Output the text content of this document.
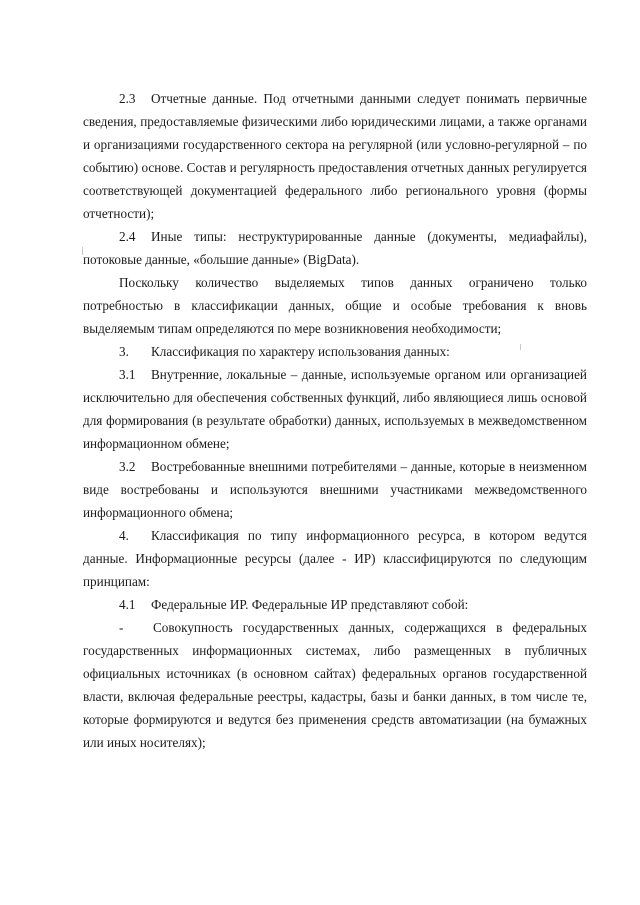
2.3 Отчетные данные. Под отчетными данными следует понимать первичные сведения, предоставляемые физическими либо юридическими лицами, а также органами и организациями государственного сектора на регулярной (или условно-регулярной – по событию) основе. Состав и регулярность предоставления отчетных данных регулируется соответствующей документацией федерального либо регионального уровня (формы отчетности);

2.4 Иные типы: неструктурированные данные (документы, медиафайлы), потоковые данные, «большие данные» (BigData).

Поскольку количество выделяемых типов данных ограничено только потребностью в классификации данных, общие и особые требования к вновь выделяемым типам определяются по мере возникновения необходимости;

3. Классификация по характеру использования данных:

3.1 Внутренние, локальные – данные, используемые органом или организацией исключительно для обеспечения собственных функций, либо являющиеся лишь основой для формирования (в результате обработки) данных, используемых в межведомственном информационном обмене;

3.2 Востребованные внешними потребителями – данные, которые в неизменном виде востребованы и используются внешними участниками межведомственного информационного обмена;

4. Классификация по типу информационного ресурса, в котором ведутся данные. Информационные ресурсы (далее - ИР) классифицируются по следующим принципам:

4.1 Федеральные ИР. Федеральные ИР представляют собой:

- Совокупность государственных данных, содержащихся в федеральных государственных информационных системах, либо размещенных в публичных официальных источниках (в основном сайтах) федеральных органов государственной власти, включая федеральные реестры, кадастры, базы и банки данных, в том числе те, которые формируются и ведутся без применения средств автоматизации (на бумажных или иных носителях);
